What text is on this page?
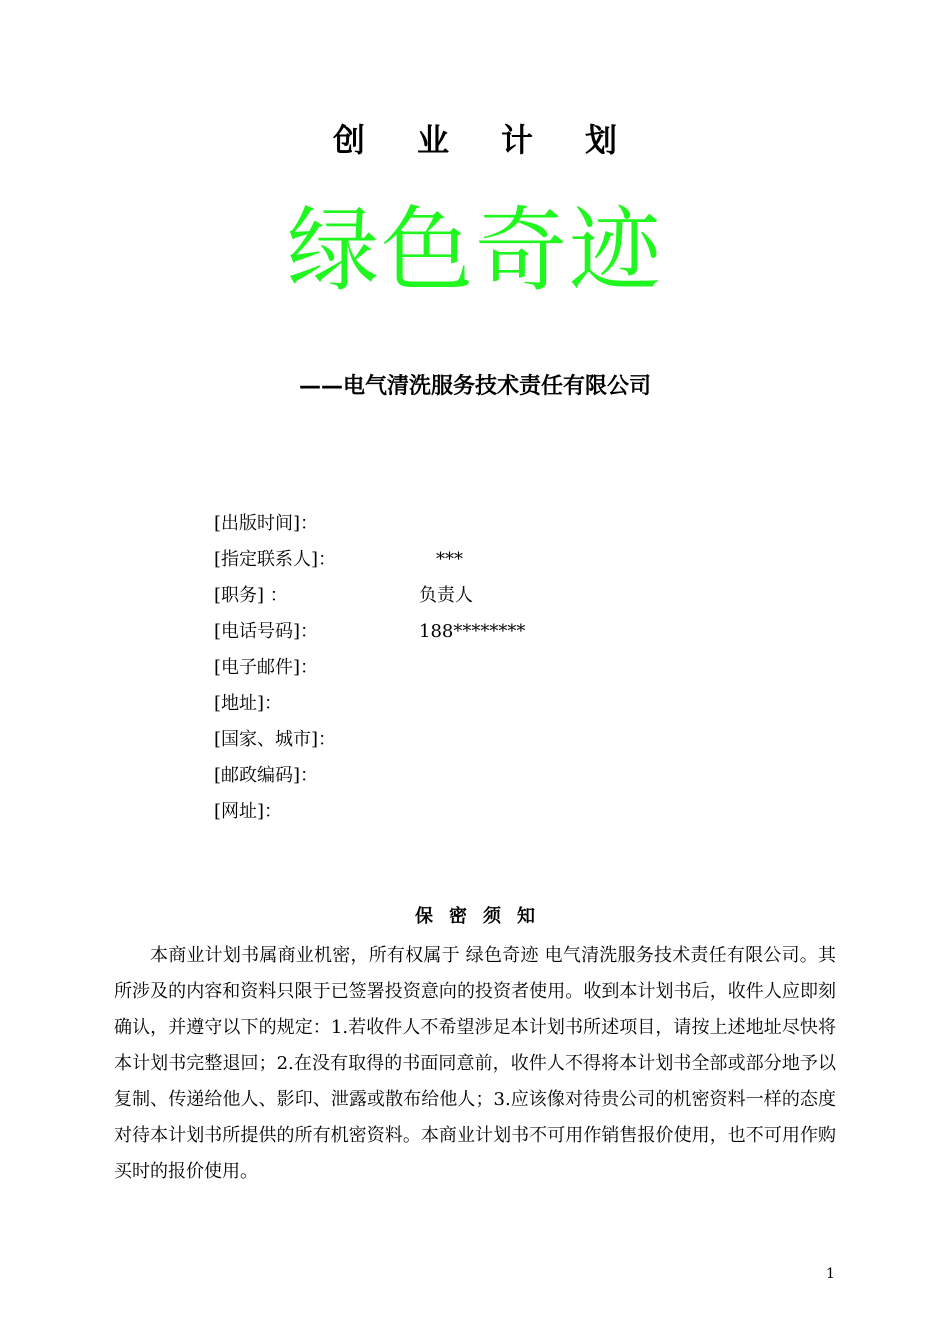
创业计划
绿色奇迹
——电气清洗服务技术责任有限公司
[出版时间]：
[指定联系人]：	***
[职务] ：	负责人
[电话号码]：	188********
[电子邮件]：
[地址]：
[国家、城市]：
[邮政编码]：
[网址]：
保密须知

本商业计划书属商业机密，所有权属于 绿色奇迹 电气清洗服务技术责任有限公司。其所涉及的内容和资料只限于已签署投资意向的投资者使用。收到本计划书后，收件人应即刻确认，并遵守以下的规定：1.若收件人不希望涉足本计划书所述项目，请按上述地址尽快将本计划书完整退回；2.在没有取得的书面同意前，收件人不得将本计划书全部或部分地予以复制、传递给他人、影印、泄露或散布给他人；3.应该像对待贵公司的机密资料一样的态度对待本计划书所提供的所有机密资料。本商业计划书不可用作销售报价使用，也不可用作购买时的报价使用。

1
